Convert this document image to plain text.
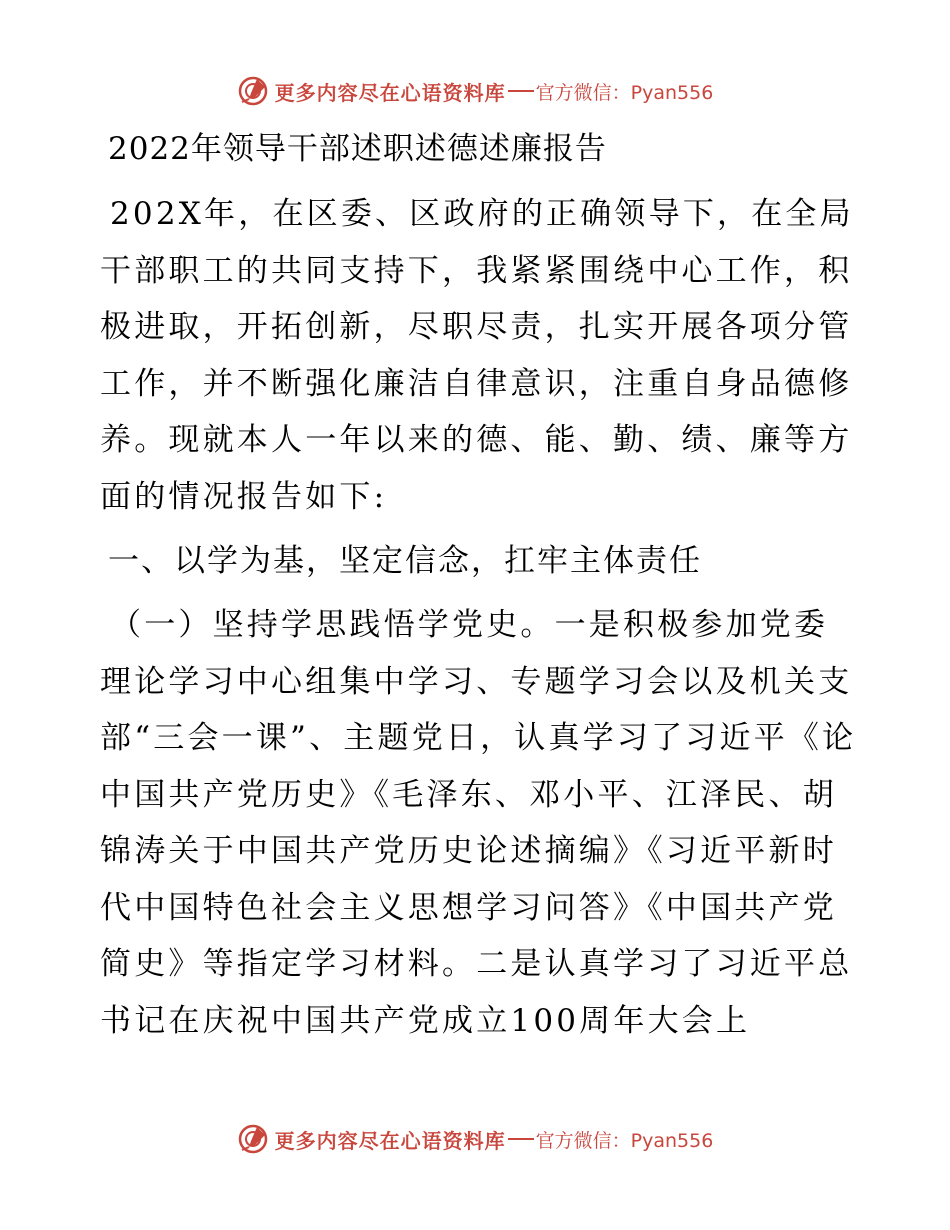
更多内容尽在心语资料库 官方微信：Pyan556
2022年领导干部述职述德述廉报告

202X年，在区委、区政府的正确领导下，在全局干部职工的共同支持下，我紧紧围绕中心工作，积极进取，开拓创新，尽职尽责，扎实开展各项分管工作，并不断强化廉洁自律意识，注重自身品德修养。现就本人一年以来的德、能、勤、绩、廉等方面的情况报告如下:

一、以学为基，坚定信念，扛牢主体责任

（一）坚持学思践悟学党史。一是积极参加党委理论学习中心组集中学习、专题学习会以及机关支部“三会一课”、主题党日，认真学习了习近平《论中国共产党历史》《毛泽东、邓小平、江泽民、胡锦涛关于中国共产党历史论述摘编》《习近平新时代中国特色社会主义思想学习问答》《中国共产党简史》等指定学习材料。二是认真学习了习近平总书记在庆祝中国共产党成立100周年大会上

更多内容尽在心语资料库 官方微信：Pyan556
